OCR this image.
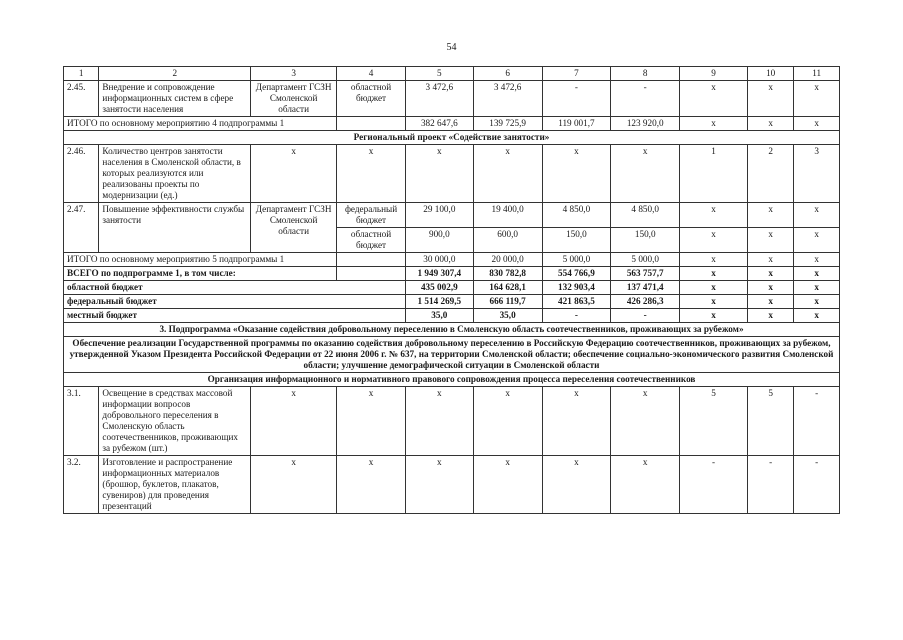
54
1	2	3	4	5	6	7	8	9	10	11
2.45.	Внедрение и сопровождение информационных систем в сфере занятости населения	Департамент ГСЗН Смоленской области	областной бюджет	3 472,6	3 472,6	-	-	х	х	х
ИТОГО по основному мероприятию 4 подпрограммы 1				382 647,6	139 725,9	119 001,7	123 920,0	х	х	х
Региональный проект «Содействие занятости»										
2.46.	Количество центров занятости населения в Смоленской области, в которых реализуются или реализованы проекты по модернизации (ед.)	х	х	х	х	х	х	1	2	3
2.47.	Повышение эффективности службы занятости	Департамент ГСЗН Смоленской области	федеральный бюджет	29 100,0	19 400,0	4 850,0	4 850,0	х	х	х
			областной бюджет	900,0	600,0	150,0	150,0	х	х	х
ИТОГО по основному мероприятию 5 подпрограммы 1				30 000,0	20 000,0	5 000,0	5 000,0	х	х	х
ВСЕГО по подпрограмме 1, в том числе:				1 949 307,4	830 782,8	554 766,9	563 757,7	х	х	х
областной бюджет				435 002,9	164 628,1	132 903,4	137 471,4	х	х	х
федеральный бюджет				1 514 269,5	666 119,7	421 863,5	426 286,3	х	х	х
местный бюджет				35,0	35,0	-	-	х	х	х
3. Подпрограмма «Оказание содействия добровольному переселению в Смоленскую область соотечественников, проживающих за рубежом»										
Обеспечение реализации Государственной программы по оказанию содействия добровольному переселению в Российскую Федерацию соотечественников, проживающих за рубежом, утвержденной Указом Президента Российской Федерации от 22 июня 2006 г. № 637, на территории Смоленской области; обеспечение социально-экономического развития Смоленской области; улучшение демографической ситуации в Смоленской области										
Организация информационного и нормативного правового сопровождения процесса переселения соотечественников										
3.1.	Освещение в средствах массовой информации вопросов добровольного переселения в Смоленскую область соотечественников, проживающих за рубежом (шт.)	х	х	х	х	х	х	5	5	-
3.2.	Изготовление и распространение информационных материалов (брошюр, буклетов, плакатов, сувениров) для проведения презентаций	х	х	х	х	х	х	-	-	-
